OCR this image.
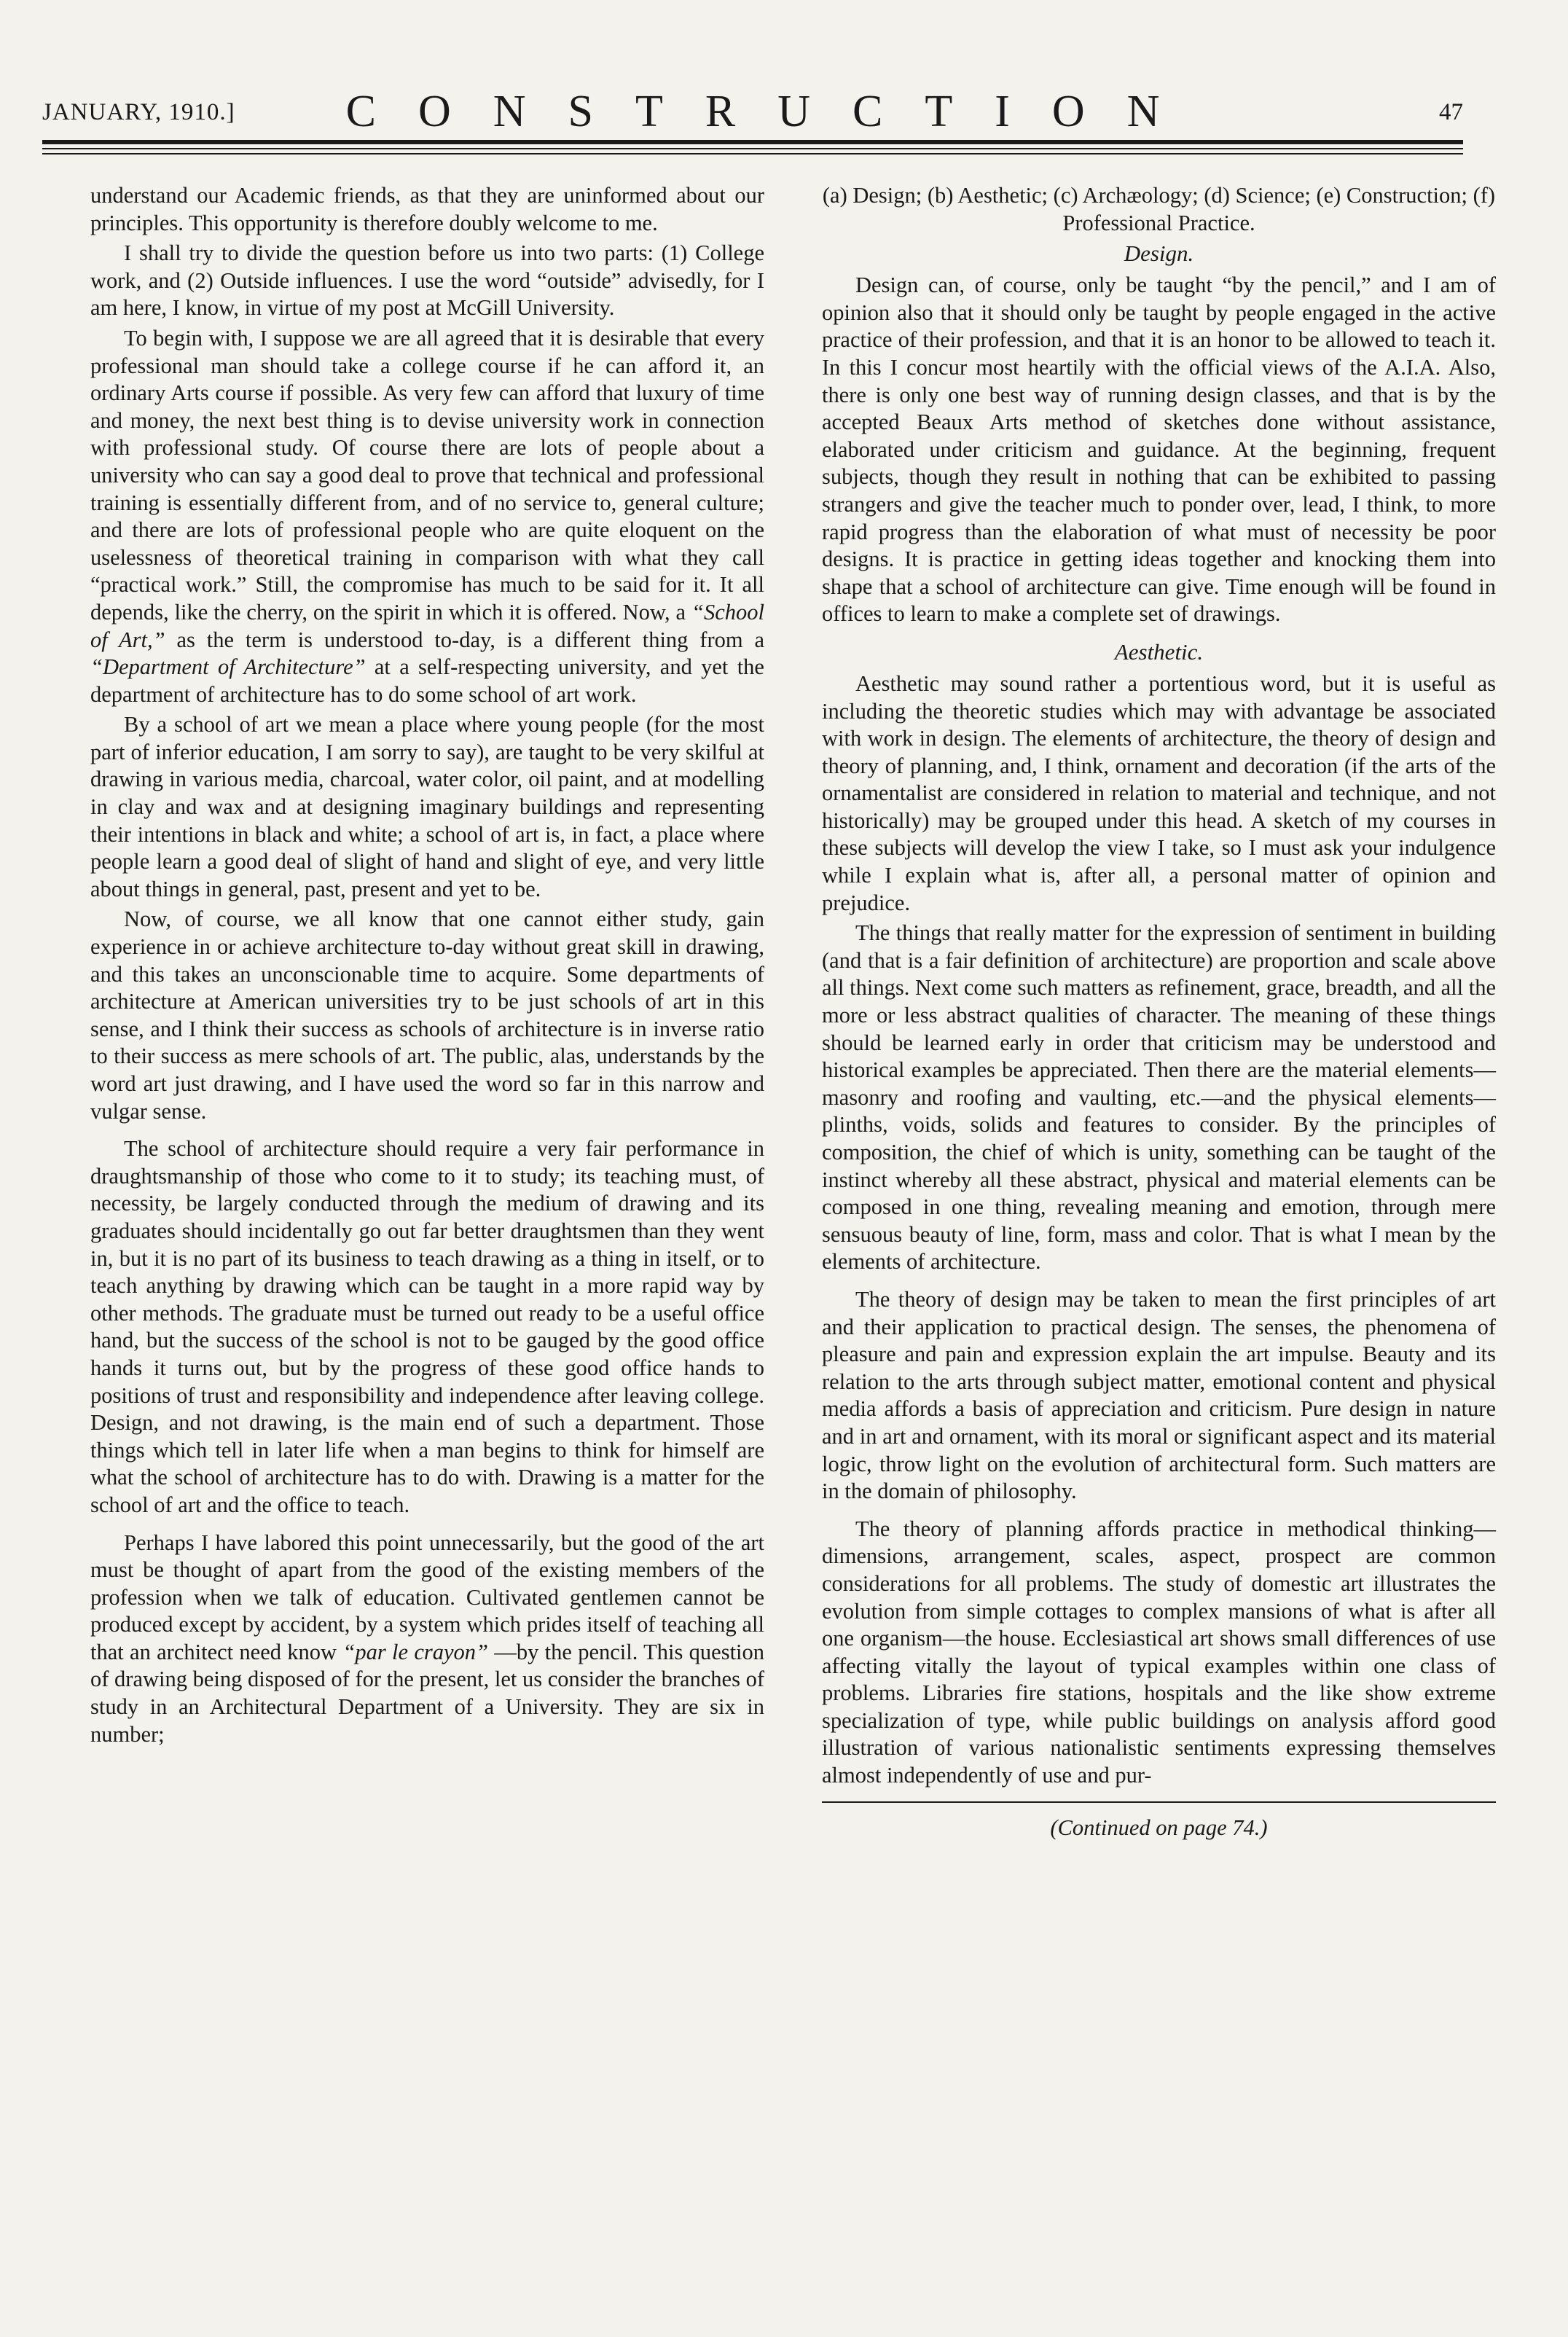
JANUARY, 1910.]	CONSTRUCTION	47

understand our Academic friends, as that they are uninformed about our principles. This opportunity is therefore doubly welcome to me.

I shall try to divide the question before us into two parts: (1) College work, and (2) Outside influences. I use the word “outside” advisedly, for I am here, I know, in virtue of my post at McGill University.

To begin with, I suppose we are all agreed that it is desirable that every professional man should take a college course if he can afford it, an ordinary Arts course if possible. As very few can afford that luxury of time and money, the next best thing is to devise university work in connection with professional study. Of course there are lots of people about a university who can say a good deal to prove that technical and professional training is essentially different from, and of no service to, general culture; and there are lots of professional people who are quite eloquent on the uselessness of theoretical training in comparison with what they call “practical work.” Still, the compromise has much to be said for it. It all depends, like the cherry, on the spirit in which it is offered. Now, a “School of Art,” as the term is understood to-day, is a different thing from a “Department of Architecture” at a self-respecting university, and yet the department of architecture has to do some school of art work.

By a school of art we mean a place where young people (for the most part of inferior education, I am sorry to say), are taught to be very skilful at drawing in various media, charcoal, water color, oil paint, and at modelling in clay and wax and at designing imaginary buildings and representing their intentions in black and white; a school of art is, in fact, a place where people learn a good deal of slight of hand and slight of eye, and very little about things in general, past, present and yet to be.

Now, of course, we all know that one cannot either study, gain experience in or achieve architecture to-day without great skill in drawing, and this takes an unconscionable time to acquire. Some departments of architecture at American universities try to be just schools of art in this sense, and I think their success as schools of architecture is in inverse ratio to their success as mere schools of art. The public, alas, understands by the word art just drawing, and I have used the word so far in this narrow and vulgar sense.

The school of architecture should require a very fair performance in draughtsmanship of those who come to it to study; its teaching must, of necessity, be largely conducted through the medium of drawing and its graduates should incidentally go out far better draughtsmen than they went in, but it is no part of its business to teach drawing as a thing in itself, or to teach anything by drawing which can be taught in a more rapid way by other methods. The graduate must be turned out ready to be a useful office hand, but the success of the school is not to be gauged by the good office hands it turns out, but by the progress of these good office hands to positions of trust and responsibility and independence after leaving college. Design, and not drawing, is the main end of such a department. Those things which tell in later life when a man begins to think for himself are what the school of architecture has to do with. Drawing is a matter for the school of art and the office to teach.

Perhaps I have labored this point unnecessarily, but the good of the art must be thought of apart from the good of the existing members of the profession when we talk of education. Cultivated gentlemen cannot be produced except by accident, by a system which prides itself of teaching all that an architect need know “par le crayon” —by the pencil. This question of drawing being disposed of for the present, let us consider the branches of study in an Architectural Department of a University. They are six in number;

(a) Design; (b) Aesthetic; (c) Archæology; (d) Science; (e) Construction; (f) Professional Practice.

Design.

Design can, of course, only be taught “by the pencil,” and I am of opinion also that it should only be taught by people engaged in the active practice of their profession, and that it is an honor to be allowed to teach it. In this I concur most heartily with the official views of the A.I.A. Also, there is only one best way of running design classes, and that is by the accepted Beaux Arts method of sketches done without assistance, elaborated under criticism and guidance. At the beginning, frequent subjects, though they result in nothing that can be exhibited to passing strangers and give the teacher much to ponder over, lead, I think, to more rapid progress than the elaboration of what must of necessity be poor designs. It is practice in getting ideas together and knocking them into shape that a school of architecture can give. Time enough will be found in offices to learn to make a complete set of drawings.

Aesthetic.

Aesthetic may sound rather a portentious word, but it is useful as including the theoretic studies which may with advantage be associated with work in design. The elements of architecture, the theory of design and theory of planning, and, I think, ornament and decoration (if the arts of the ornamentalist are considered in relation to material and technique, and not historically) may be grouped under this head. A sketch of my courses in these subjects will develop the view I take, so I must ask your indulgence while I explain what is, after all, a personal matter of opinion and prejudice.

The things that really matter for the expression of sentiment in building (and that is a fair definition of architecture) are proportion and scale above all things. Next come such matters as refinement, grace, breadth, and all the more or less abstract qualities of character. The meaning of these things should be learned early in order that criticism may be understood and historical examples be appreciated. Then there are the material elements—masonry and roofing and vaulting, etc.—and the physical elements—plinths, voids, solids and features to consider. By the principles of composition, the chief of which is unity, something can be taught of the instinct whereby all these abstract, physical and material elements can be composed in one thing, revealing meaning and emotion, through mere sensuous beauty of line, form, mass and color. That is what I mean by the elements of architecture.

The theory of design may be taken to mean the first principles of art and their application to practical design. The senses, the phenomena of pleasure and pain and expression explain the art impulse. Beauty and its relation to the arts through subject matter, emotional content and physical media affords a basis of appreciation and criticism. Pure design in nature and in art and ornament, with its moral or significant aspect and its material logic, throw light on the evolution of architectural form. Such matters are in the domain of philosophy.

The theory of planning affords practice in methodical thinking—dimensions, arrangement, scales, aspect, prospect are common considerations for all problems. The study of domestic art illustrates the evolution from simple cottages to complex mansions of what is after all one organism—the house. Ecclesiastical art shows small differences of use affecting vitally the layout of typical examples within one class of problems. Libraries fire stations, hospitals and the like show extreme specialization of type, while public buildings on analysis afford good illustration of various nationalistic sentiments expressing themselves almost independently of use and pur-

(Continued on page 74.)
